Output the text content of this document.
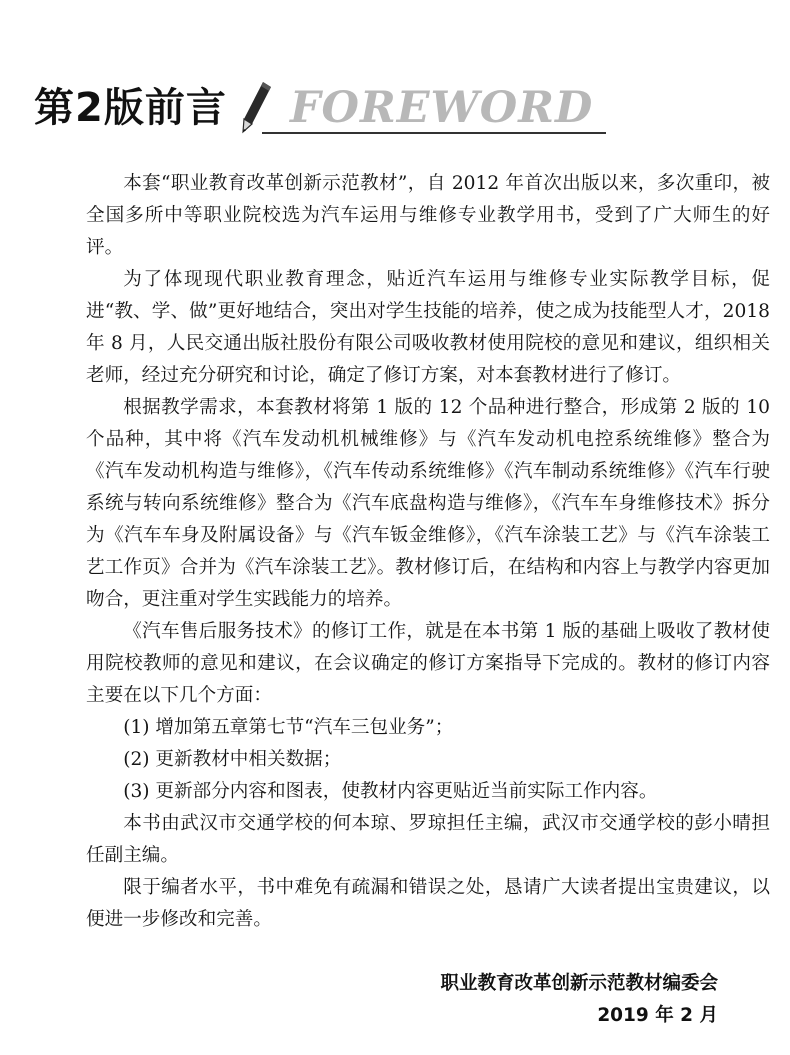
第2版前言 FOREWORD

本套“职业教育改革创新示范教材”，自 2012 年首次出版以来，多次重印，被全国多所中等职业院校选为汽车运用与维修专业教学用书，受到了广大师生的好评。

为了体现现代职业教育理念，贴近汽车运用与维修专业实际教学目标，促进“教、学、做”更好地结合，突出对学生技能的培养，使之成为技能型人才，2018 年 8 月，人民交通出版社股份有限公司吸收教材使用院校的意见和建议，组织相关老师，经过充分研究和讨论，确定了修订方案，对本套教材进行了修订。

根据教学需求，本套教材将第 1 版的 12 个品种进行整合，形成第 2 版的 10 个品种，其中将《汽车发动机机械维修》与《汽车发动机电控系统维修》整合为《汽车发动机构造与维修》，《汽车传动系统维修》《汽车制动系统维修》《汽车行驶系统与转向系统维修》整合为《汽车底盘构造与维修》，《汽车车身维修技术》拆分为《汽车车身及附属设备》与《汽车钣金维修》，《汽车涂装工艺》与《汽车涂装工艺工作页》合并为《汽车涂装工艺》。教材修订后，在结构和内容上与教学内容更加吻合，更注重对学生实践能力的培养。

《汽车售后服务技术》的修订工作，就是在本书第 1 版的基础上吸收了教材使用院校教师的意见和建议，在会议确定的修订方案指导下完成的。教材的修订内容主要在以下几个方面：

(1) 增加第五章第七节“汽车三包业务”；

(2) 更新教材中相关数据；

(3) 更新部分内容和图表，使教材内容更贴近当前实际工作内容。

本书由武汉市交通学校的何本琼、罗琼担任主编，武汉市交通学校的彭小晴担任副主编。

限于编者水平，书中难免有疏漏和错误之处，恳请广大读者提出宝贵建议，以便进一步修改和完善。

职业教育改革创新示范教材编委会
2019 年 2 月
